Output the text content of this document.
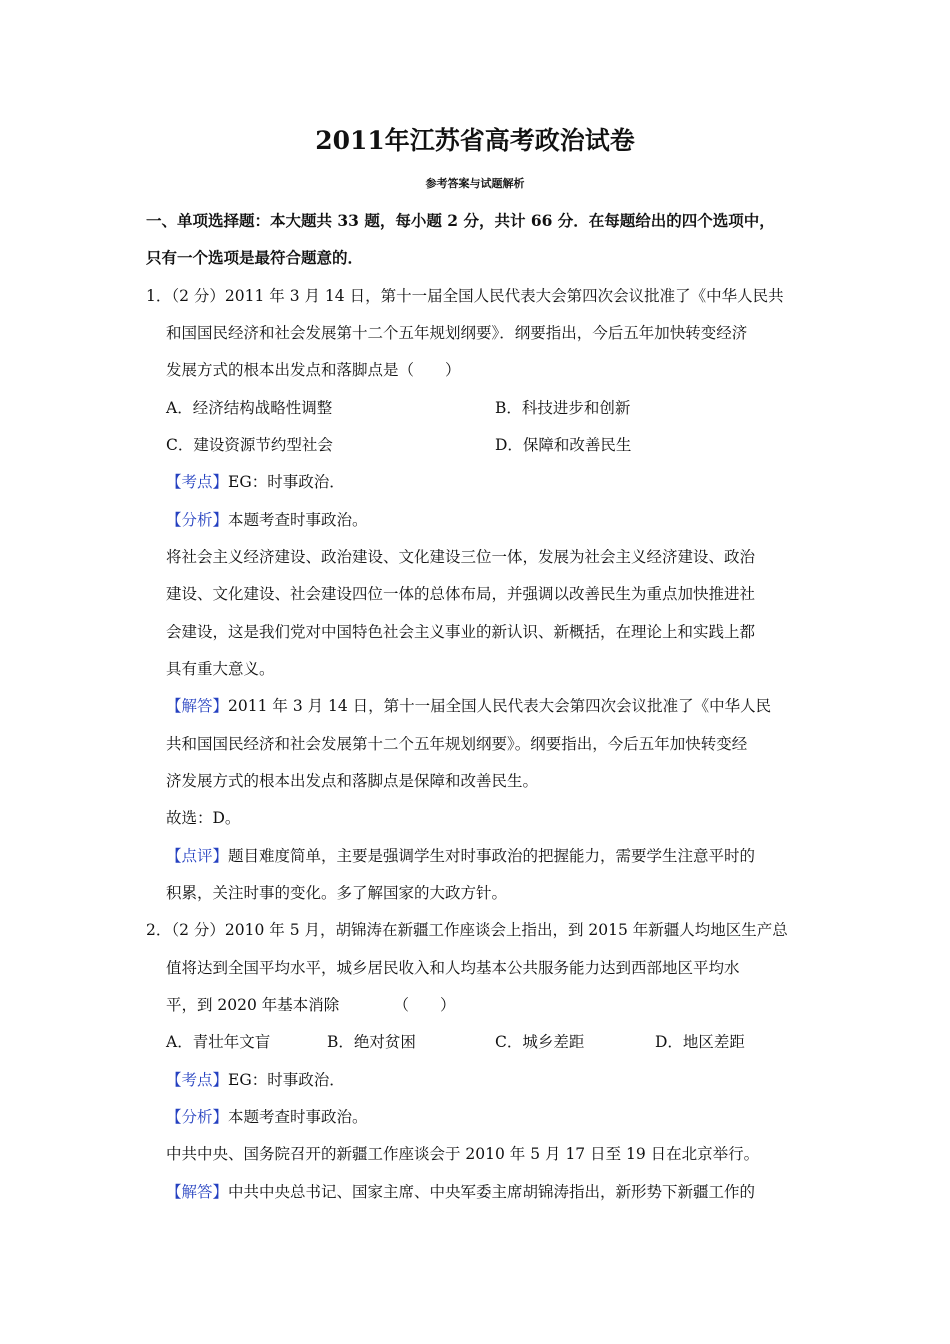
2011年江苏省高考政治试卷
参考答案与试题解析
一、单项选择题：本大题共 33 题，每小题 2 分，共计 66 分．在每题给出的四个选项中，
只有一个选项是最符合题意的．
1．（2 分）2011 年 3 月 14 日，第十一届全国人民代表大会第四次会议批准了《中华人民共
和国国民经济和社会发展第十二个五年规划纲要》．纲要指出，今后五年加快转变经济
发展方式的根本出发点和落脚点是（　　）
A．经济结构战略性调整	B．科技进步和创新
C．建设资源节约型社会	D．保障和改善民生
【考点】EG：时事政治．
【分析】本题考查时事政治。
将社会主义经济建设、政治建设、文化建设三位一体，发展为社会主义经济建设、政治
建设、文化建设、社会建设四位一体的总体布局，并强调以改善民生为重点加快推进社
会建设，这是我们党对中国特色社会主义事业的新认识、新概括，在理论上和实践上都
具有重大意义。
【解答】2011 年 3 月 14 日，第十一届全国人民代表大会第四次会议批准了《中华人民
共和国国民经济和社会发展第十二个五年规划纲要》。纲要指出，今后五年加快转变经
济发展方式的根本出发点和落脚点是保障和改善民生。
故选：D。
【点评】题目难度简单，主要是强调学生对时事政治的把握能力，需要学生注意平时的
积累，关注时事的变化。多了解国家的大政方针。
2．（2 分）2010 年 5 月，胡锦涛在新疆工作座谈会上指出，到 2015 年新疆人均地区生产总
值将达到全国平均水平，城乡居民收入和人均基本公共服务能力达到西部地区平均水
平，到 2020 年基本消除　　　　（　　）
A．青壮年文盲	B．绝对贫困	C．城乡差距	D．地区差距
【考点】EG：时事政治．
【分析】本题考查时事政治。
中共中央、国务院召开的新疆工作座谈会于 2010 年 5 月 17 日至 19 日在北京举行。
【解答】中共中央总书记、国家主席、中央军委主席胡锦涛指出，新形势下新疆工作的
